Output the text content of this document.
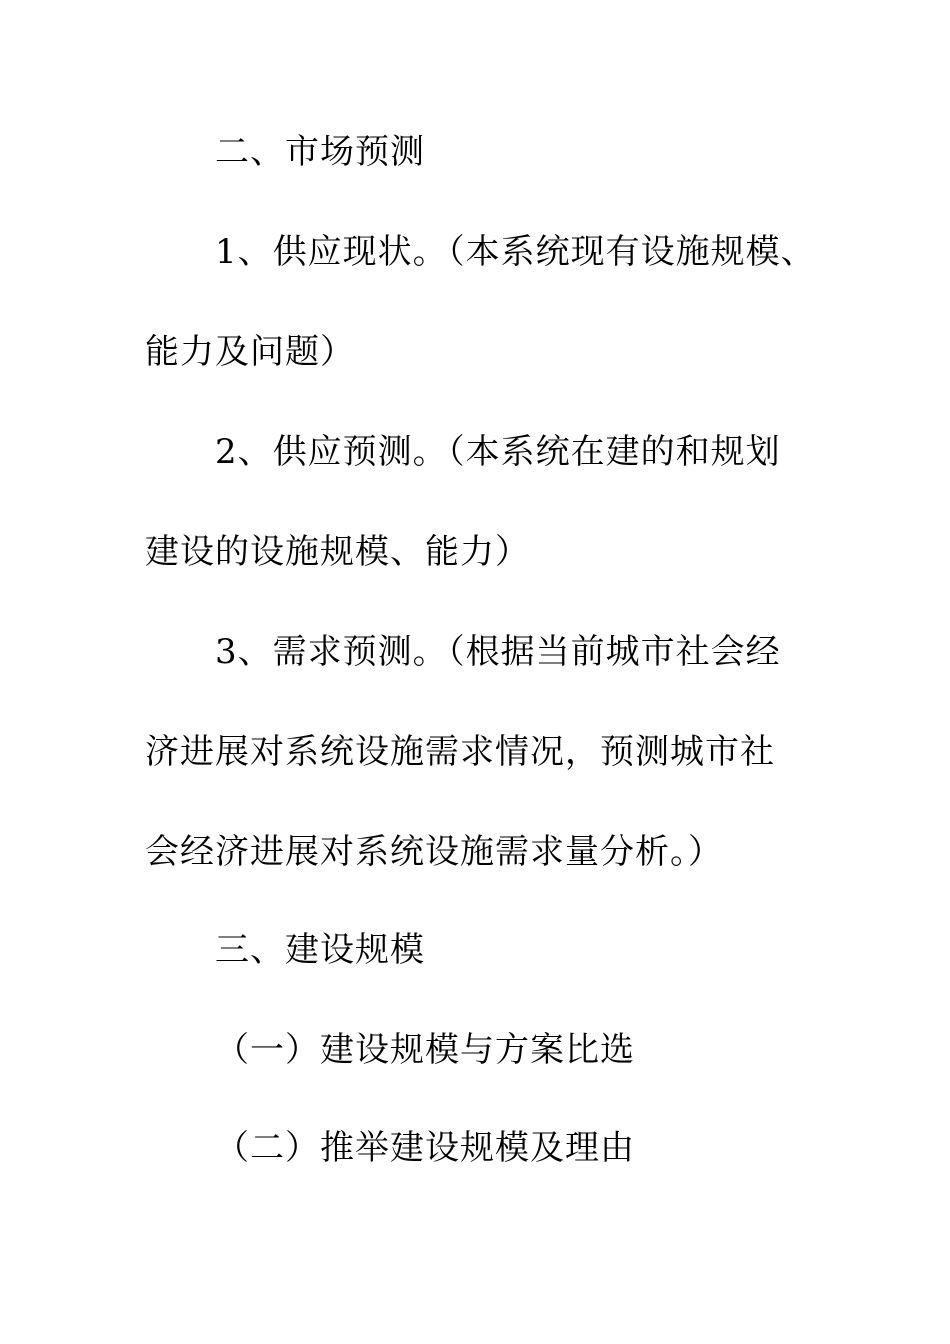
二、市场预测
1、供应现状。（本系统现有设施规模、
能力及问题）
2、供应预测。（本系统在建的和规划
建设的设施规模、能力）
3、需求预测。（根据当前城市社会经
济进展对系统设施需求情况，预测城市社
会经济进展对系统设施需求量分析。）
三、建设规模
（一）建设规模与方案比选
（二）推举建设规模及理由
